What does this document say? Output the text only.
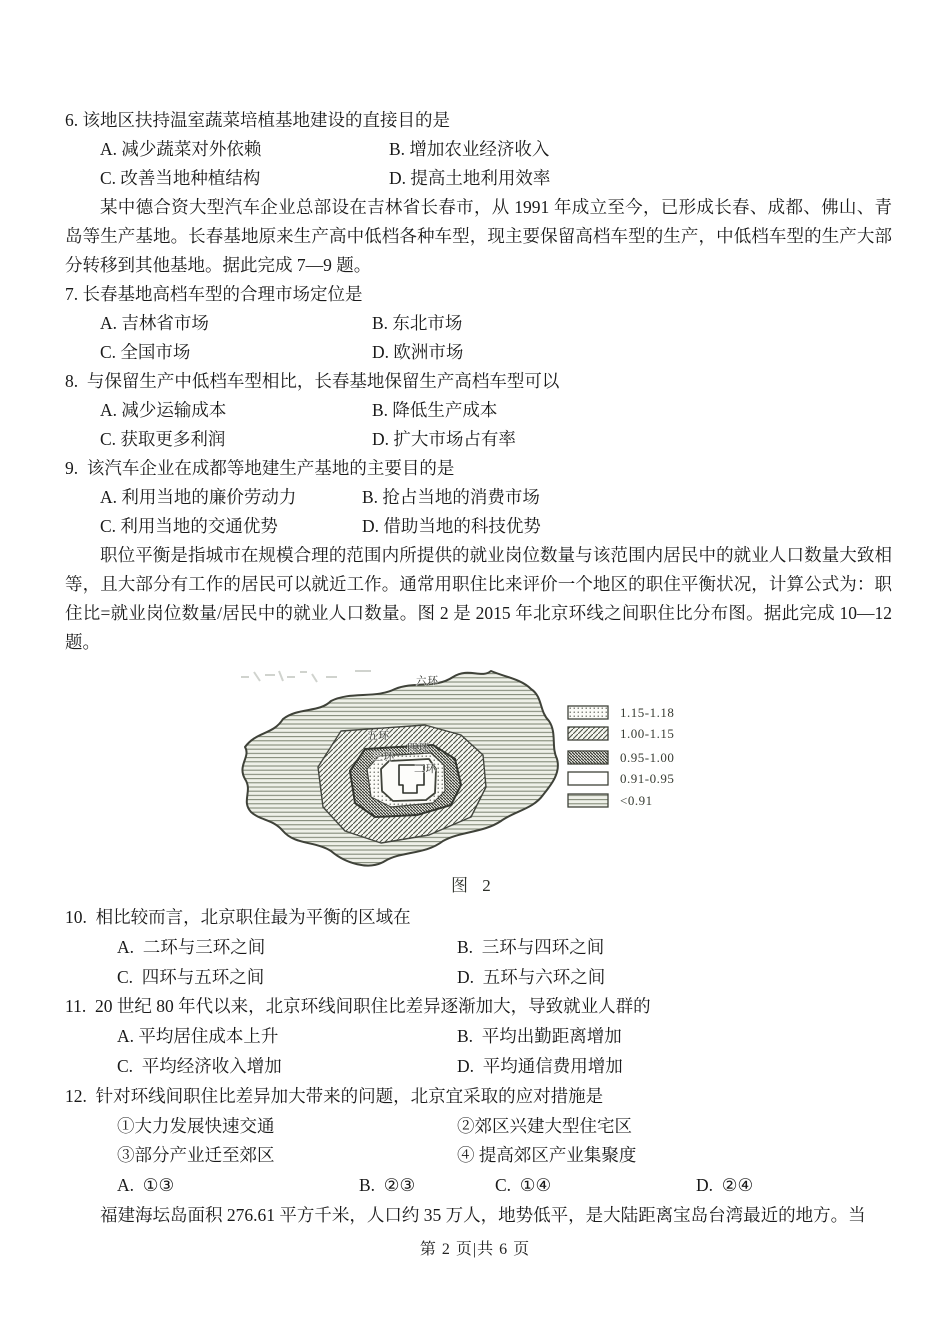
6. 该地区扶持温室蔬菜培植基地建设的直接目的是
A. 减少蔬菜对外依赖	B. 增加农业经济收入
C. 改善当地种植结构	D. 提高土地利用效率
某中德合资大型汽车企业总部设在吉林省长春市，从 1991 年成立至今，已形成长春、成都、佛山、青岛等生产基地。长春基地原来生产高中低档各种车型，现主要保留高档车型的生产，中低档车型的生产大部分转移到其他基地。据此完成 7—9 题。
7. 长春基地高档车型的合理市场定位是
A. 吉林省市场	B. 东北市场
C. 全国市场	D. 欧洲市场
8.  与保留生产中低档车型相比，长春基地保留生产高档车型可以
A. 减少运输成本	B. 降低生产成本
C. 获取更多利润	D. 扩大市场占有率
9.  该汽车企业在成都等地建生产基地的主要目的是
A. 利用当地的廉价劳动力	B. 抢占当地的消费市场
C. 利用当地的交通优势	D. 借助当地的科技优势
职位平衡是指城市在规模合理的范围内所提供的就业岗位数量与该范围内居民中的就业人口数量大致相等，且大部分有工作的居民可以就近工作。通常用职住比来评价一个地区的职住平衡状况，计算公式为：职住比=就业岗位数量/居民中的就业人口数量。图 2 是 2015 年北京环线之间职住比分布图。据此完成 10—12 题。
六环
五环
四环
三环
二环
1.15-1.18
1.00-1.15
0.95-1.00
0.91-0.95
<0.91
图 2
10.  相比较而言，北京职住最为平衡的区域在
A.  二环与三环之间	B.  三环与四环之间
C.  四环与五环之间	D.  五环与六环之间
11.  20 世纪 80 年代以来，北京环线间职住比差异逐渐加大，导致就业人群的
A. 平均居住成本上升	B.  平均出勤距离增加
C.  平均经济收入增加	D.  平均通信费用增加
12.  针对环线间职住比差异加大带来的问题，北京宜采取的应对措施是
①大力发展快速交通	②郊区兴建大型住宅区
③部分产业迁至郊区	④ 提高郊区产业集聚度
A.  ①③	B.  ②③	C.  ①④	D.  ②④
福建海坛岛面积 276.61 平方千米，人口约 35 万人，地势低平，是大陆距离宝岛台湾最近的地方。当
第 2 页|共 6 页
